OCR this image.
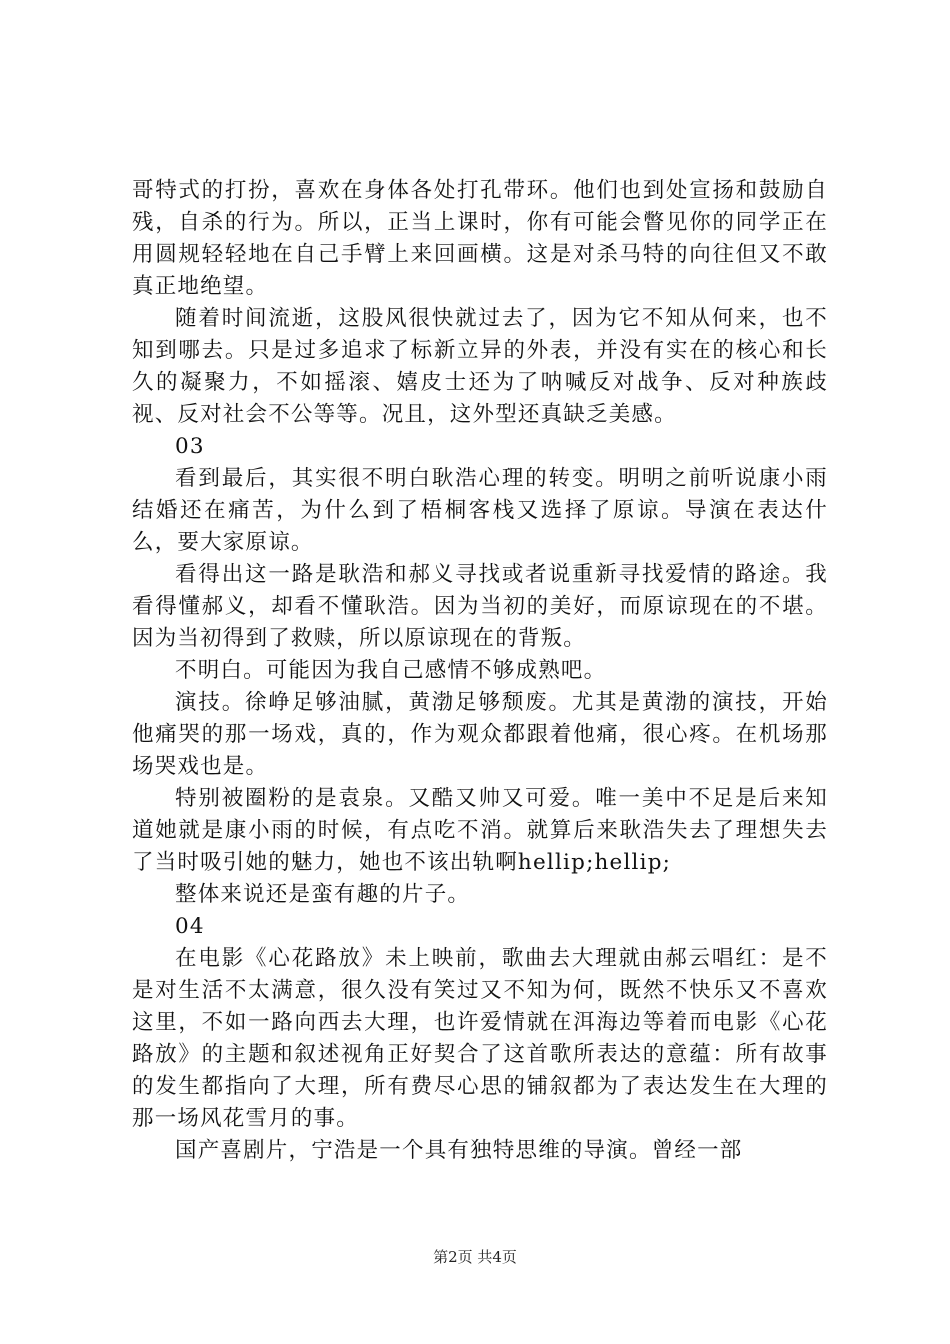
哥特式的打扮，喜欢在身体各处打孔带环。他们也到处宣扬和鼓励自残，自杀的行为。所以，正当上课时，你有可能会瞥见你的同学正在用圆规轻轻地在自己手臂上来回画横。这是对杀马特的向往但又不敢真正地绝望。

随着时间流逝，这股风很快就过去了，因为它不知从何来，也不知到哪去。只是过多追求了标新立异的外表，并没有实在的核心和长久的凝聚力，不如摇滚、嬉皮士还为了呐喊反对战争、反对种族歧视、反对社会不公等等。况且，这外型还真缺乏美感。

03

看到最后，其实很不明白耿浩心理的转变。明明之前听说康小雨结婚还在痛苦，为什么到了梧桐客栈又选择了原谅。导演在表达什么，要大家原谅。

看得出这一路是耿浩和郝义寻找或者说重新寻找爱情的路途。我看得懂郝义，却看不懂耿浩。因为当初的美好，而原谅现在的不堪。因为当初得到了救赎，所以原谅现在的背叛。

不明白。可能因为我自己感情不够成熟吧。

演技。徐峥足够油腻，黄渤足够颓废。尤其是黄渤的演技，开始他痛哭的那一场戏，真的，作为观众都跟着他痛，很心疼。在机场那场哭戏也是。

特别被圈粉的是袁泉。又酷又帅又可爱。唯一美中不足是后来知道她就是康小雨的时候，有点吃不消。就算后来耿浩失去了理想失去了当时吸引她的魅力，她也不该出轨啊hellip;hellip;

整体来说还是蛮有趣的片子。

04

在电影《心花路放》未上映前，歌曲去大理就由郝云唱红：是不是对生活不太满意，很久没有笑过又不知为何，既然不快乐又不喜欢这里，不如一路向西去大理，也许爱情就在洱海边等着而电影《心花路放》的主题和叙述视角正好契合了这首歌所表达的意蕴：所有故事的发生都指向了大理，所有费尽心思的铺叙都为了表达发生在大理的那一场风花雪月的事。

国产喜剧片，宁浩是一个具有独特思维的导演。曾经一部

第2页 共4页
